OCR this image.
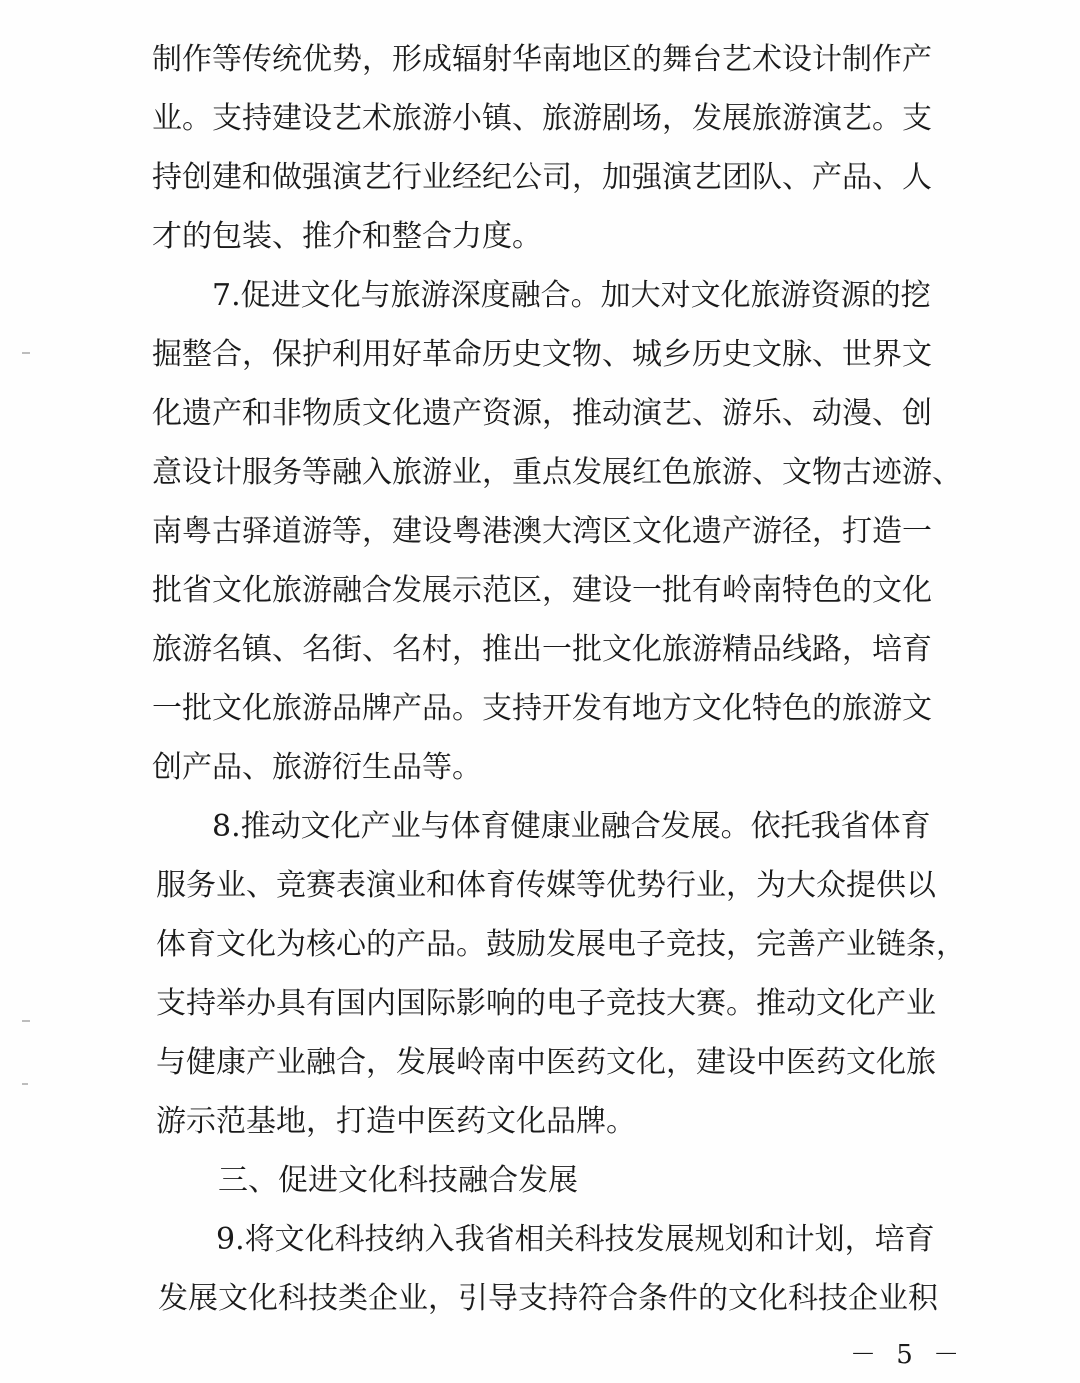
制作等传统优势，形成辐射华南地区的舞台艺术设计制作产
业。支持建设艺术旅游小镇、旅游剧场，发展旅游演艺。支
持创建和做强演艺行业经纪公司，加强演艺团队、产品、人
才的包装、推介和整合力度。
7.促进文化与旅游深度融合。加大对文化旅游资源的挖
掘整合，保护利用好革命历史文物、城乡历史文脉、世界文
化遗产和非物质文化遗产资源，推动演艺、游乐、动漫、创
意设计服务等融入旅游业，重点发展红色旅游、文物古迹游、
南粤古驿道游等，建设粤港澳大湾区文化遗产游径，打造一
批省文化旅游融合发展示范区，建设一批有岭南特色的文化
旅游名镇、名街、名村，推出一批文化旅游精品线路，培育
一批文化旅游品牌产品。支持开发有地方文化特色的旅游文
创产品、旅游衍生品等。
8.推动文化产业与体育健康业融合发展。依托我省体育
服务业、竞赛表演业和体育传媒等优势行业，为大众提供以
体育文化为核心的产品。鼓励发展电子竞技，完善产业链条，
支持举办具有国内国际影响的电子竞技大赛。推动文化产业
与健康产业融合，发展岭南中医药文化，建设中医药文化旅
游示范基地，打造中医药文化品牌。
三、促进文化科技融合发展
9.将文化科技纳入我省相关科技发展规划和计划，培育
发展文化科技类企业，引导支持符合条件的文化科技企业积
－ 5 －
